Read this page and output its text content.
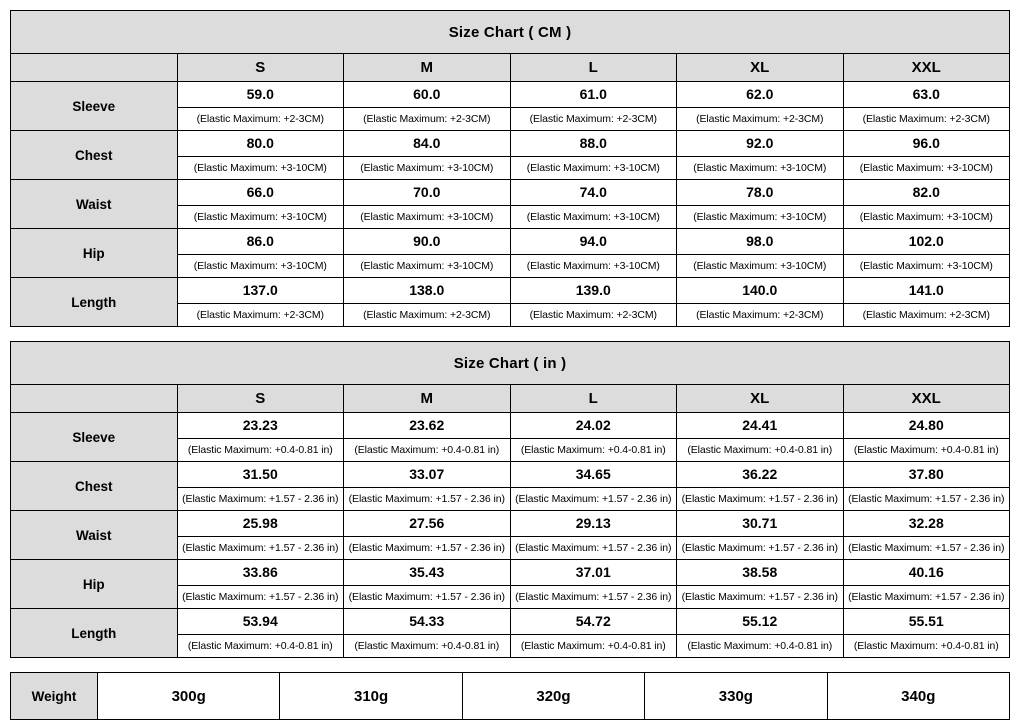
Size Chart ( CM )					
	S	M	L	XL	XXL
Sleeve	59.0	60.0	61.0	62.0	63.0
	(Elastic Maximum: +2-3CM)	(Elastic Maximum: +2-3CM)	(Elastic Maximum: +2-3CM)	(Elastic Maximum: +2-3CM)	(Elastic Maximum: +2-3CM)
Chest	80.0	84.0	88.0	92.0	96.0
	(Elastic Maximum: +3-10CM)	(Elastic Maximum: +3-10CM)	(Elastic Maximum: +3-10CM)	(Elastic Maximum: +3-10CM)	(Elastic Maximum: +3-10CM)
Waist	66.0	70.0	74.0	78.0	82.0
	(Elastic Maximum: +3-10CM)	(Elastic Maximum: +3-10CM)	(Elastic Maximum: +3-10CM)	(Elastic Maximum: +3-10CM)	(Elastic Maximum: +3-10CM)
Hip	86.0	90.0	94.0	98.0	102.0
	(Elastic Maximum: +3-10CM)	(Elastic Maximum: +3-10CM)	(Elastic Maximum: +3-10CM)	(Elastic Maximum: +3-10CM)	(Elastic Maximum: +3-10CM)
Length	137.0	138.0	139.0	140.0	141.0
	(Elastic Maximum: +2-3CM)	(Elastic Maximum: +2-3CM)	(Elastic Maximum: +2-3CM)	(Elastic Maximum: +2-3CM)	(Elastic Maximum: +2-3CM)
Size Chart ( in )					
	S	M	L	XL	XXL
Sleeve	23.23	23.62	24.02	24.41	24.80
	(Elastic Maximum: +0.4-0.81 in)	(Elastic Maximum: +0.4-0.81 in)	(Elastic Maximum: +0.4-0.81 in)	(Elastic Maximum: +0.4-0.81 in)	(Elastic Maximum: +0.4-0.81 in)
Chest	31.50	33.07	34.65	36.22	37.80
	(Elastic Maximum: +1.57 - 2.36 in)	(Elastic Maximum: +1.57 - 2.36 in)	(Elastic Maximum: +1.57 - 2.36 in)	(Elastic Maximum: +1.57 - 2.36 in)	(Elastic Maximum: +1.57 - 2.36 in)
Waist	25.98	27.56	29.13	30.71	32.28
	(Elastic Maximum: +1.57 - 2.36 in)	(Elastic Maximum: +1.57 - 2.36 in)	(Elastic Maximum: +1.57 - 2.36 in)	(Elastic Maximum: +1.57 - 2.36 in)	(Elastic Maximum: +1.57 - 2.36 in)
Hip	33.86	35.43	37.01	38.58	40.16
	(Elastic Maximum: +1.57 - 2.36 in)	(Elastic Maximum: +1.57 - 2.36 in)	(Elastic Maximum: +1.57 - 2.36 in)	(Elastic Maximum: +1.57 - 2.36 in)	(Elastic Maximum: +1.57 - 2.36 in)
Length	53.94	54.33	54.72	55.12	55.51
	(Elastic Maximum: +0.4-0.81 in)	(Elastic Maximum: +0.4-0.81 in)	(Elastic Maximum: +0.4-0.81 in)	(Elastic Maximum: +0.4-0.81 in)	(Elastic Maximum: +0.4-0.81 in)
Weight	300g	310g	320g	330g	340g
